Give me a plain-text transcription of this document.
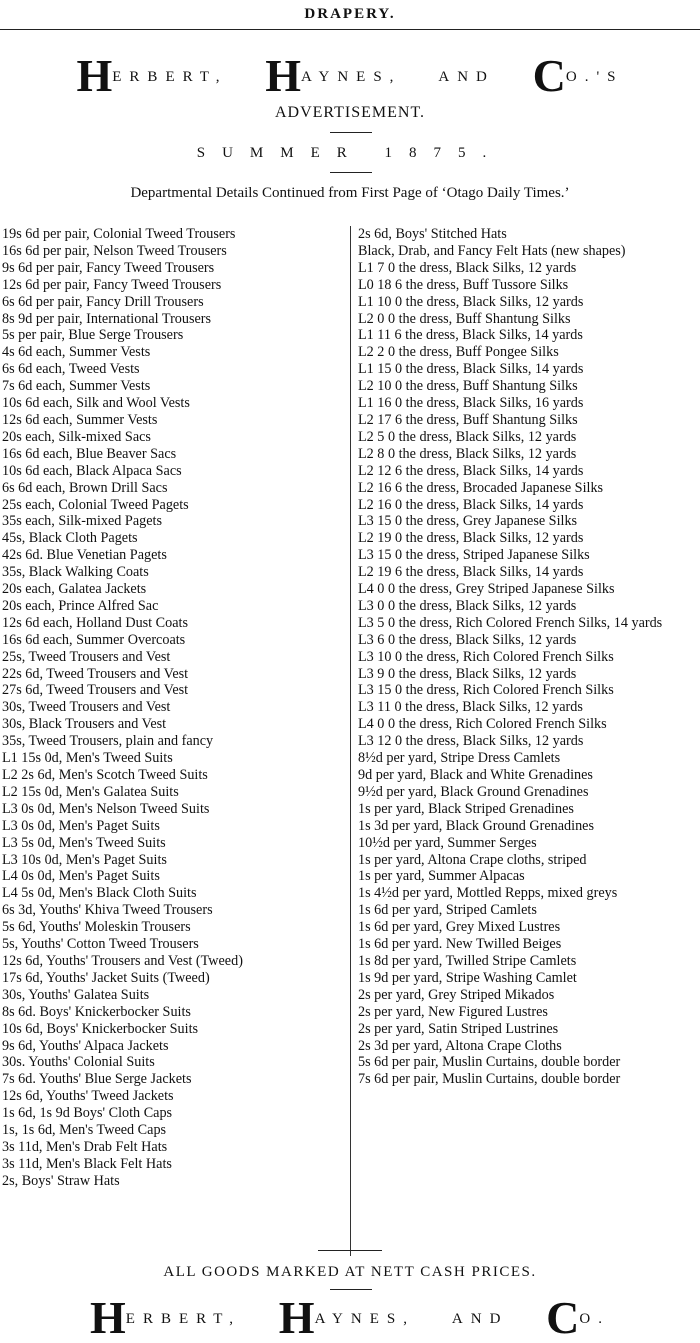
DRAPERY.
HERBERT, HAYNES, AND CO.'S
ADVERTISEMENT.
SUMMER 1875.
Departmental Details Continued from First Page of ‘Otago Daily Times.’
19s 6d per pair, Colonial Tweed Trousers
16s 6d per pair, Nelson Tweed Trousers
9s 6d per pair, Fancy Tweed Trousers
12s 6d per pair, Fancy Tweed Trousers
6s 6d per pair, Fancy Drill Trousers
8s 9d per pair, International Trousers
5s per pair, Blue Serge Trousers
4s 6d each, Summer Vests
6s 6d each, Tweed Vests
7s 6d each, Summer Vests
10s 6d each, Silk and Wool Vests
12s 6d each, Summer Vests
20s each, Silk-mixed Sacs
16s 6d each, Blue Beaver Sacs
10s 6d each, Black Alpaca Sacs
6s 6d each, Brown Drill Sacs
25s each, Colonial Tweed Pagets
35s each, Silk-mixed Pagets
45s, Black Cloth Pagets
42s 6d. Blue Venetian Pagets
35s, Black Walking Coats
20s each, Galatea Jackets
20s each, Prince Alfred Sac
12s 6d each, Holland Dust Coats
16s 6d each, Summer Overcoats
25s, Tweed Trousers and Vest
22s 6d, Tweed Trousers and Vest
27s 6d, Tweed Trousers and Vest
30s, Tweed Trousers and Vest
30s, Black Trousers and Vest
35s, Tweed Trousers, plain and fancy
L1 15s 0d, Men's Tweed Suits
L2 2s 6d, Men's Scotch Tweed Suits
L2 15s 0d, Men's Galatea Suits
L3 0s 0d, Men's Nelson Tweed Suits
L3 0s 0d, Men's Paget Suits
L3 5s 0d, Men's Tweed Suits
L3 10s 0d, Men's Paget Suits
L4 0s 0d, Men's Paget Suits
L4 5s 0d, Men's Black Cloth Suits
6s 3d, Youths' Khiva Tweed Trousers
5s 6d, Youths' Moleskin Trousers
5s, Youths' Cotton Tweed Trousers
12s 6d, Youths' Trousers and Vest (Tweed)
17s 6d, Youths' Jacket Suits (Tweed)
30s, Youths' Galatea Suits
8s 6d. Boys' Knickerbocker Suits
10s 6d, Boys' Knickerbocker Suits
9s 6d, Youths' Alpaca Jackets
30s. Youths' Colonial Suits
7s 6d. Youths' Blue Serge Jackets
12s 6d, Youths' Tweed Jackets
1s 6d, 1s 9d Boys' Cloth Caps
1s, 1s 6d, Men's Tweed Caps
3s 11d, Men's Drab Felt Hats
3s 11d, Men's Black Felt Hats
2s, Boys' Straw Hats
2s 6d, Boys' Stitched Hats
Black, Drab, and Fancy Felt Hats (new shapes)
L1 7 0 the dress, Black Silks, 12 yards
L0 18 6 the dress, Buff Tussore Silks
L1 10 0 the dress, Black Silks, 12 yards
L2 0 0 the dress, Buff Shantung Silks
L1 11 6 the dress, Black Silks, 14 yards
L2 2 0 the dress, Buff Pongee Silks
L1 15 0 the dress, Black Silks, 14 yards
L2 10 0 the dress, Buff Shantung Silks
L1 16 0 the dress, Black Silks, 16 yards
L2 17 6 the dress, Buff Shantung Silks
L2 5 0 the dress, Black Silks, 12 yards
L2 8 0 the dress, Black Silks, 12 yards
L2 12 6 the dress, Black Silks, 14 yards
L2 16 6 the dress, Brocaded Japanese Silks
L2 16 0 the dress, Black Silks, 14 yards
L3 15 0 the dress, Grey Japanese Silks
L2 19 0 the dress, Black Silks, 12 yards
L3 15 0 the dress, Striped Japanese Silks
L2 19 6 the dress, Black Silks, 14 yards
L4 0 0 the dress, Grey Striped Japanese Silks
L3 0 0 the dress, Black Silks, 12 yards
L3 5 0 the dress, Rich Colored French Silks, 14 yards
L3 6 0 the dress, Black Silks, 12 yards
L3 10 0 the dress, Rich Colored French Silks
L3 9 0 the dress, Black Silks, 12 yards
L3 15 0 the dress, Rich Colored French Silks
L3 11 0 the dress, Black Silks, 12 yards
L4 0 0 the dress, Rich Colored French Silks
L3 12 0 the dress, Black Silks, 12 yards
8½d per yard, Stripe Dress Camlets
9d per yard, Black and White Grenadines
9½d per yard, Black Ground Grenadines
1s per yard, Black Striped Grenadines
1s 3d per yard, Black Ground Grenadines
10½d per yard, Summer Serges
1s per yard, Altona Crape cloths, striped
1s per yard, Summer Alpacas
1s 4½d per yard, Mottled Repps, mixed greys
1s 6d per yard, Striped Camlets
1s 6d per yard, Grey Mixed Lustres
1s 6d per yard. New Twilled Beiges
1s 8d per yard, Twilled Stripe Camlets
1s 9d per yard, Stripe Washing Camlet
2s per yard, Grey Striped Mikados
2s per yard, New Figured Lustres
2s per yard, Satin Striped Lustrines
2s 3d per yard, Altona Crape Cloths
5s 6d per pair, Muslin Curtains, double border
7s 6d per pair, Muslin Curtains, double border
ALL GOODS MARKED AT NETT CASH PRICES.
HERBERT, HAYNES, AND CO.
